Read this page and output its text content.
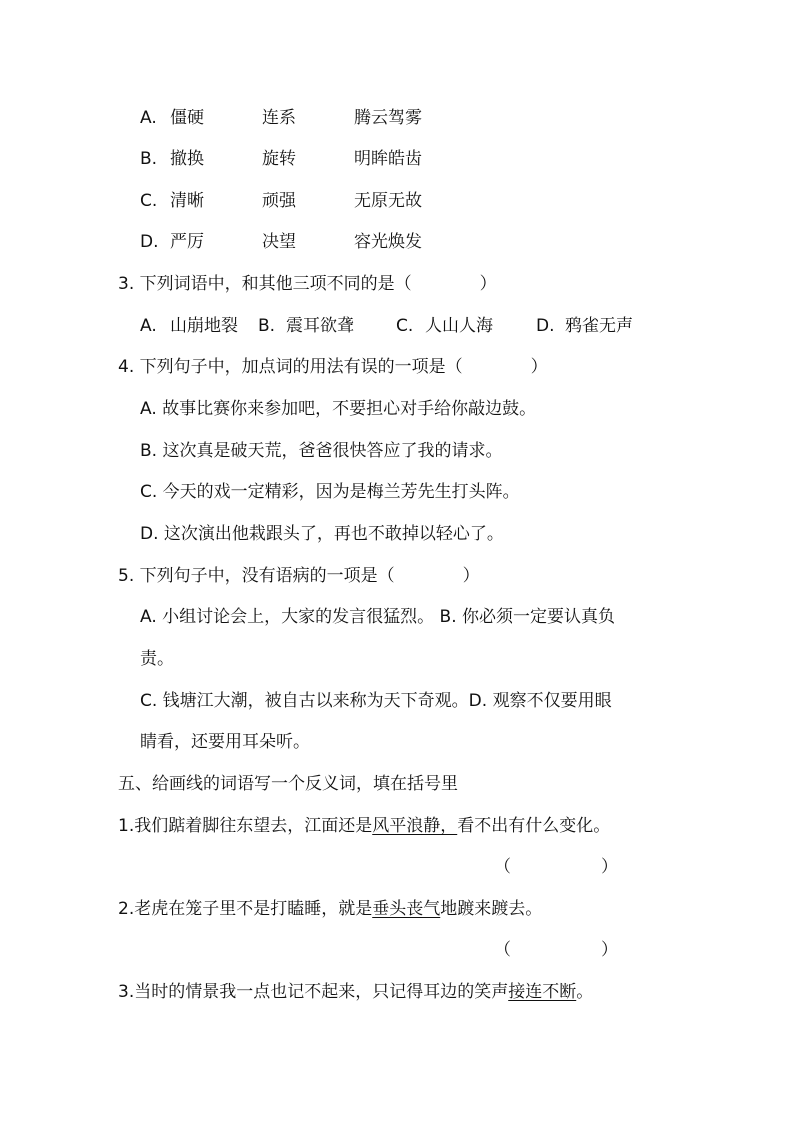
A. 僵硬	连系	腾云驾雾
B. 撤换	旋转	明眸皓齿
C. 清晰	顽强	无原无故
D. 严厉	决望	容光焕发
3. 下列词语中，和其他三项不同的是（	）
A. 山崩地裂 B. 震耳欲聋 C. 人山人海	D. 鸦雀无声
4. 下列句子中，加点词的用法有误的一项是（	）
A. 故事比赛你来参加吧，不要担心对手给你敲边鼓。
B. 这次真是破天荒，爸爸很快答应了我的请求。
C. 今天的戏一定精彩，因为是梅兰芳先生打头阵。
D. 这次演出他栽跟头了，再也不敢掉以轻心了。
5. 下列句子中，没有语病的一项是（	）
A. 小组讨论会上，大家的发言很猛烈。 B. 你必须一定要认真负
责。
C. 钱塘江大潮，被自古以来称为天下奇观。D. 观察不仅要用眼
睛看，还要用耳朵听。
五、给画线的词语写一个反义词，填在括号里
1.我们踮着脚往东望去，江面还是风平浪静，看不出有什么变化。
（	）
2.老虎在笼子里不是打瞌睡，就是垂头丧气地踱来踱去。
（	）
3.当时的情景我一点也记不起来，只记得耳边的笑声接连不断。
